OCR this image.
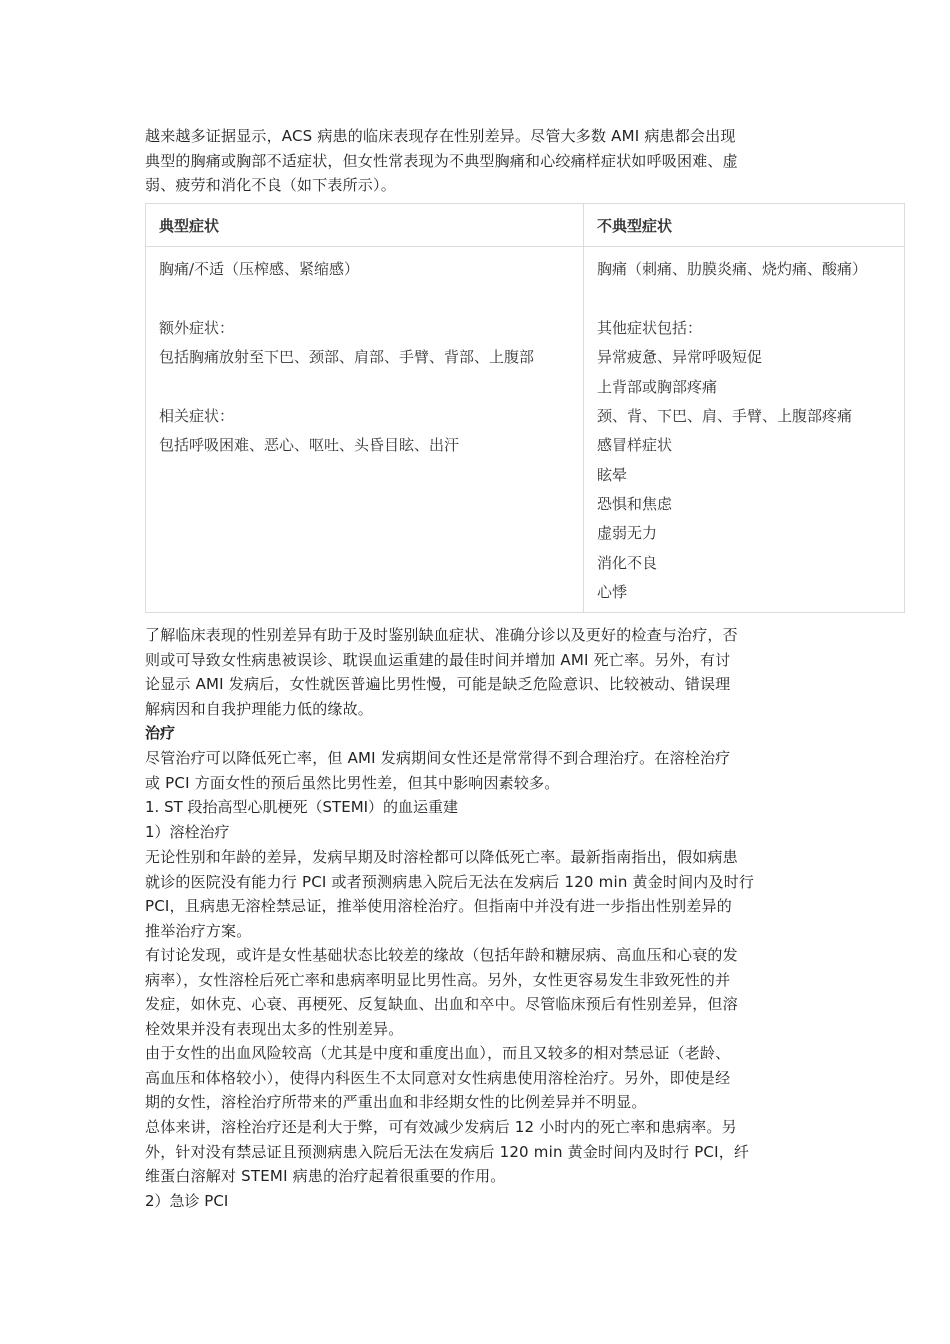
越来越多证据显示，ACS 病患的临床表现存在性别差异。尽管大多数 AMI 病患都会出现
典型的胸痛或胸部不适症状，但女性常表现为不典型胸痛和心绞痛样症状如呼吸困难、虚
弱、疲劳和消化不良（如下表所示）。
典型症状	不典型症状
胸痛/不适（压榨感、紧缩感）
额外症状：
包括胸痛放射至下巴、颈部、肩部、手臂、背部、上腹部
相关症状：
包括呼吸困难、恶心、呕吐、头昏目眩、出汗
胸痛（刺痛、肋膜炎痛、烧灼痛、酸痛）
其他症状包括：
异常疲惫、异常呼吸短促
上背部或胸部疼痛
颈、背、下巴、肩、手臂、上腹部疼痛
感冒样症状
眩晕
恐惧和焦虑
虚弱无力
消化不良
心悸
了解临床表现的性别差异有助于及时鉴别缺血症状、准确分诊以及更好的检查与治疗，否
则或可导致女性病患被误诊、耽误血运重建的最佳时间并增加 AMI 死亡率。另外，有讨
论显示 AMI 发病后，女性就医普遍比男性慢，可能是缺乏危险意识、比较被动、错误理
解病因和自我护理能力低的缘故。
治疗
尽管治疗可以降低死亡率，但 AMI 发病期间女性还是常常得不到合理治疗。在溶栓治疗
或 PCI 方面女性的预后虽然比男性差，但其中影响因素较多。
1. ST 段抬高型心肌梗死（STEMI）的血运重建
1）溶栓治疗
无论性别和年龄的差异，发病早期及时溶栓都可以降低死亡率。最新指南指出，假如病患
就诊的医院没有能力行 PCI 或者预测病患入院后无法在发病后 120 min 黄金时间内及时行
PCI，且病患无溶栓禁忌证，推举使用溶栓治疗。但指南中并没有进一步指出性别差异的
推举治疗方案。
有讨论发现，或许是女性基础状态比较差的缘故（包括年龄和糖尿病、高血压和心衰的发
病率），女性溶栓后死亡率和患病率明显比男性高。另外，女性更容易发生非致死性的并
发症，如休克、心衰、再梗死、反复缺血、出血和卒中。尽管临床预后有性别差异，但溶
栓效果并没有表现出太多的性别差异。
由于女性的出血风险较高（尤其是中度和重度出血），而且又较多的相对禁忌证（老龄、
高血压和体格较小），使得内科医生不太同意对女性病患使用溶栓治疗。另外，即使是经
期的女性，溶栓治疗所带来的严重出血和非经期女性的比例差异并不明显。
总体来讲，溶栓治疗还是利大于弊，可有效减少发病后 12 小时内的死亡率和患病率。另
外，针对没有禁忌证且预测病患入院后无法在发病后 120 min 黄金时间内及时行 PCI，纤
维蛋白溶解对 STEMI 病患的治疗起着很重要的作用。
2）急诊 PCI
